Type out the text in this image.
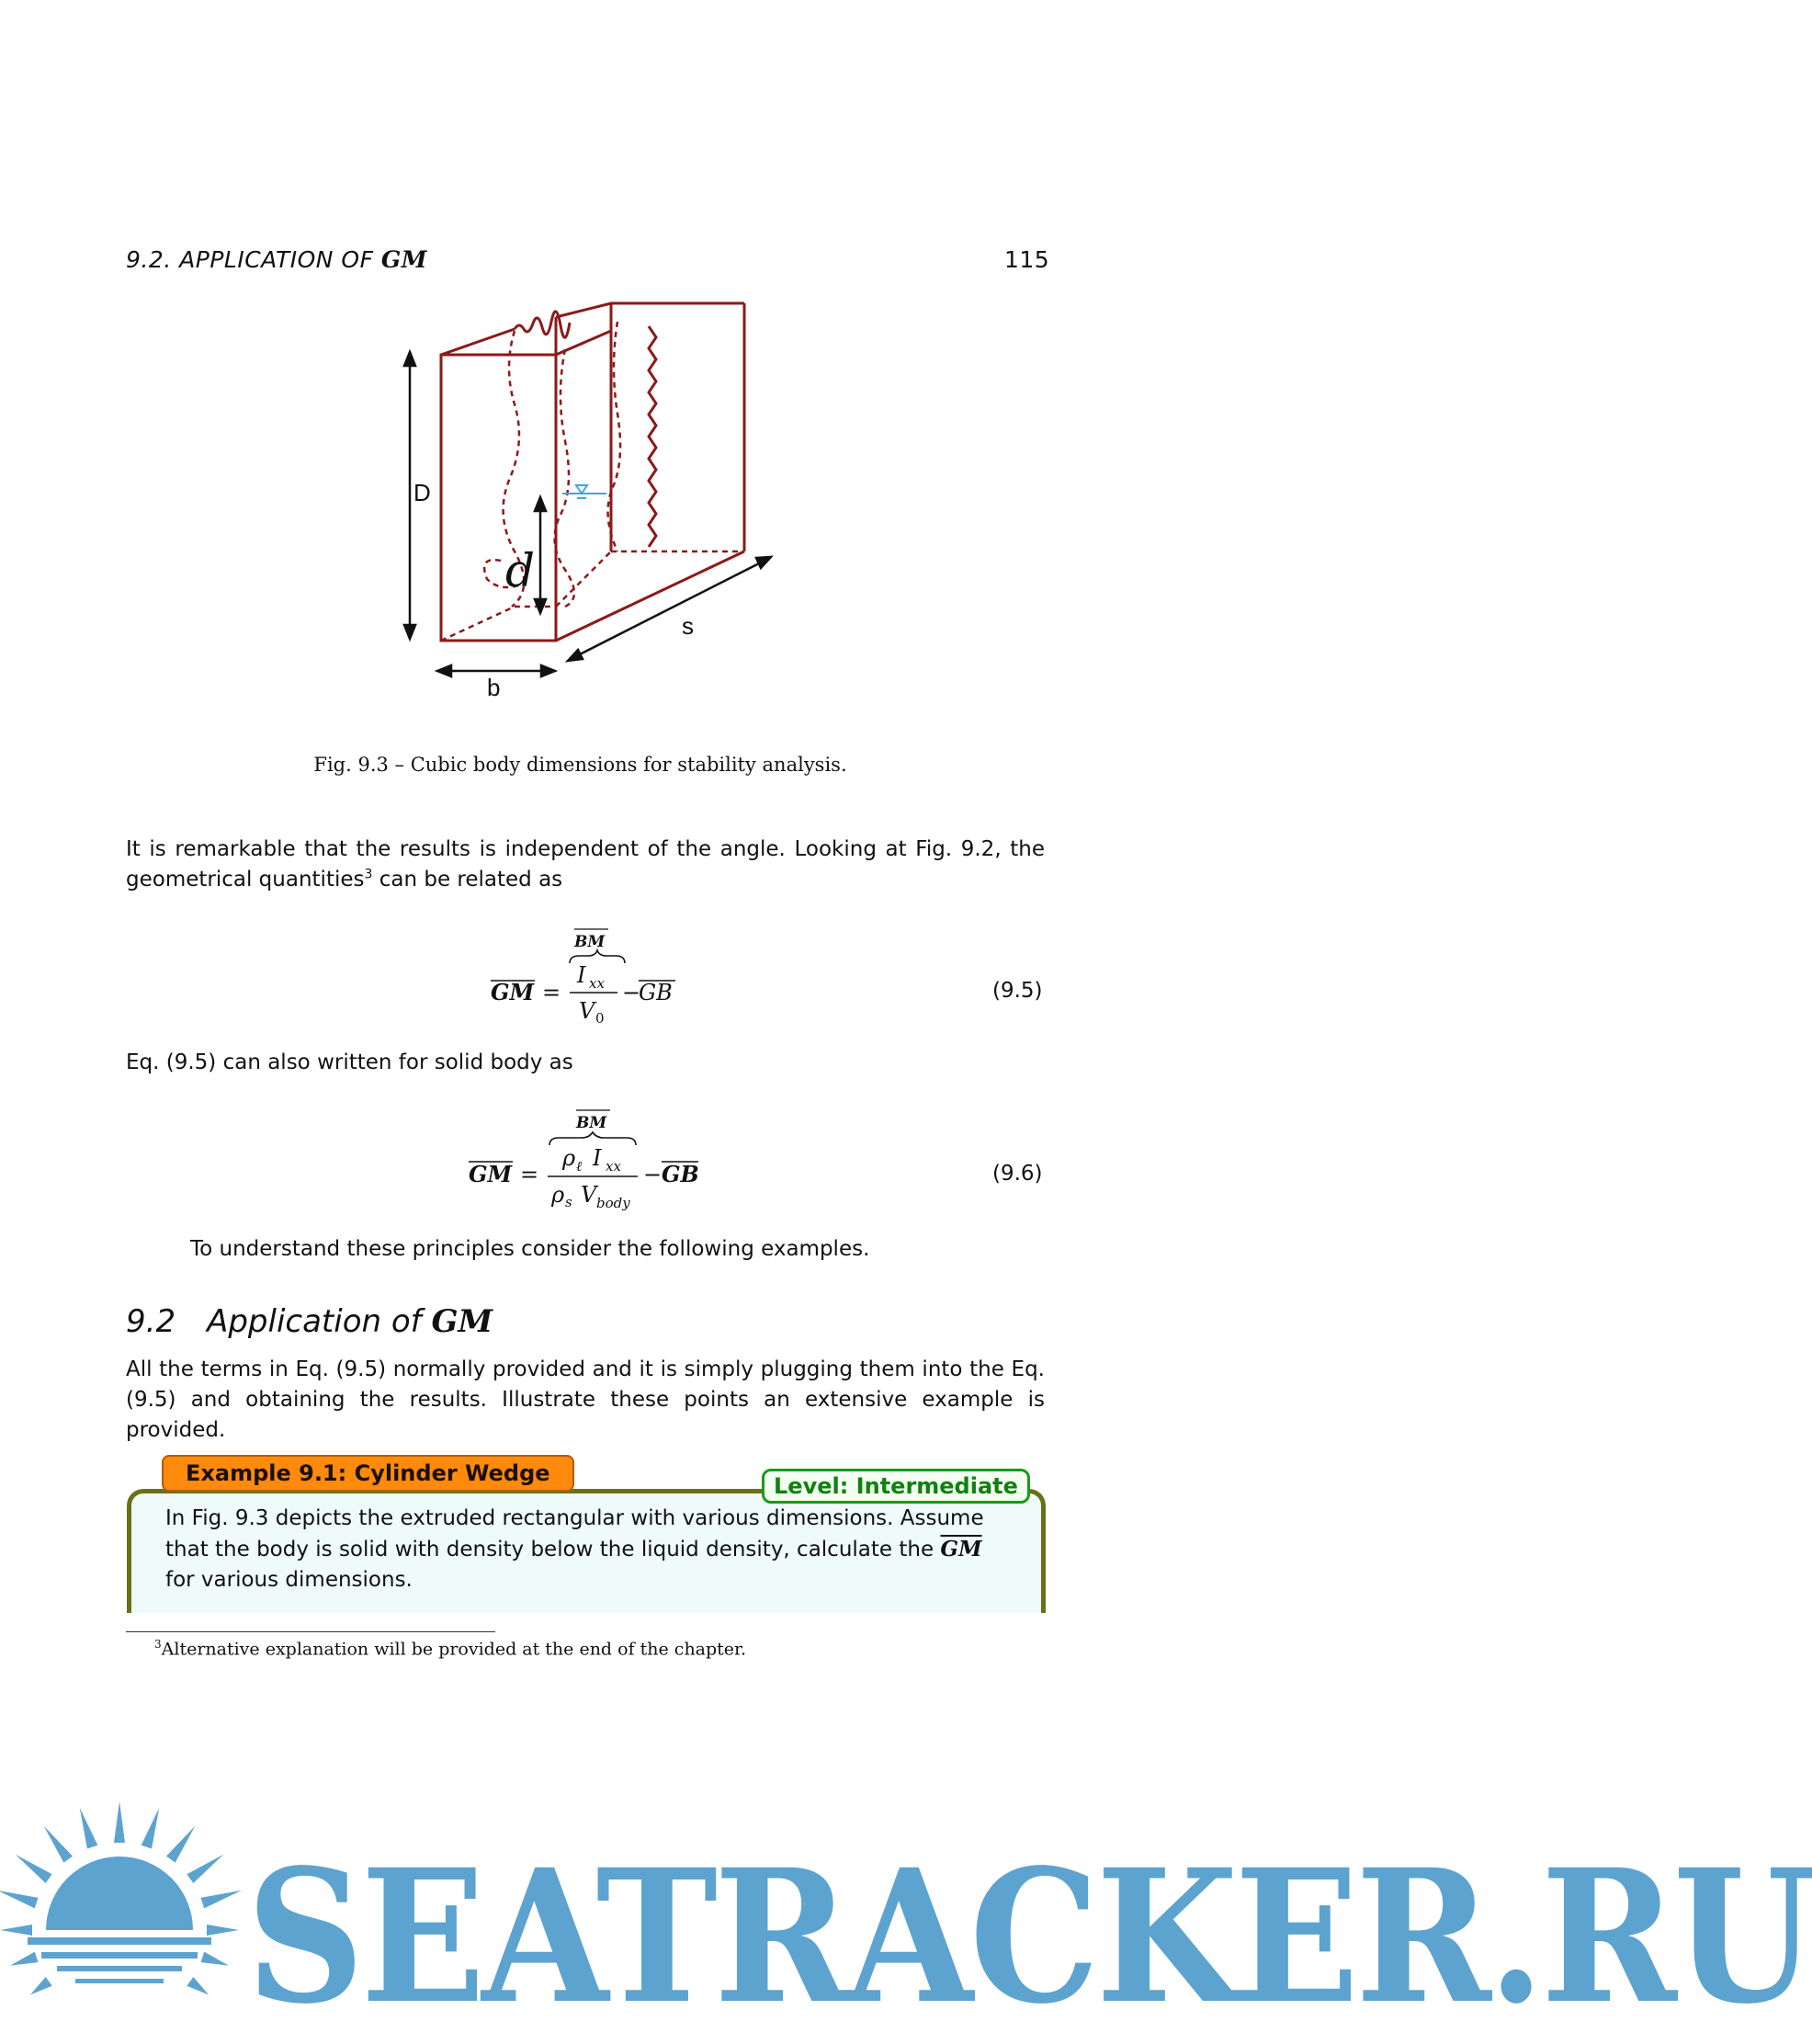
9.2. APPLICATION OF GM	115
D
d
b
s
Fig. 9.3 – Cubic body dimensions for stability analysis.
It is remarkable that the results is independent of the angle. Looking at Fig. 9.2, the geometrical quantities$^3$ can be related as
GM =
BM
I xx
V 0
−
GB	(9.5)
Eq. (9.5) can also written for solid body as
GM =
BM
ρ ℓ I xx
ρ s V body
− GB	(9.6)
To understand these principles consider the following examples.
9.2 Application of GM
All the terms in Eq. (9.5) normally provided and it is simply plugging them into the Eq. (9.5) and obtaining the results. Illustrate these points an extensive example is provided.
Example 9.1: Cylinder Wedge	Level: Intermediate
In Fig. 9.3 depicts the extruded rectangular with various dimensions. Assume that the body is solid with density below the liquid density, calculate the $\overline{GM}$ for various dimensions.
$^3$Alternative explanation will be provided at the end of the chapter.
SEATRACKER.RU
